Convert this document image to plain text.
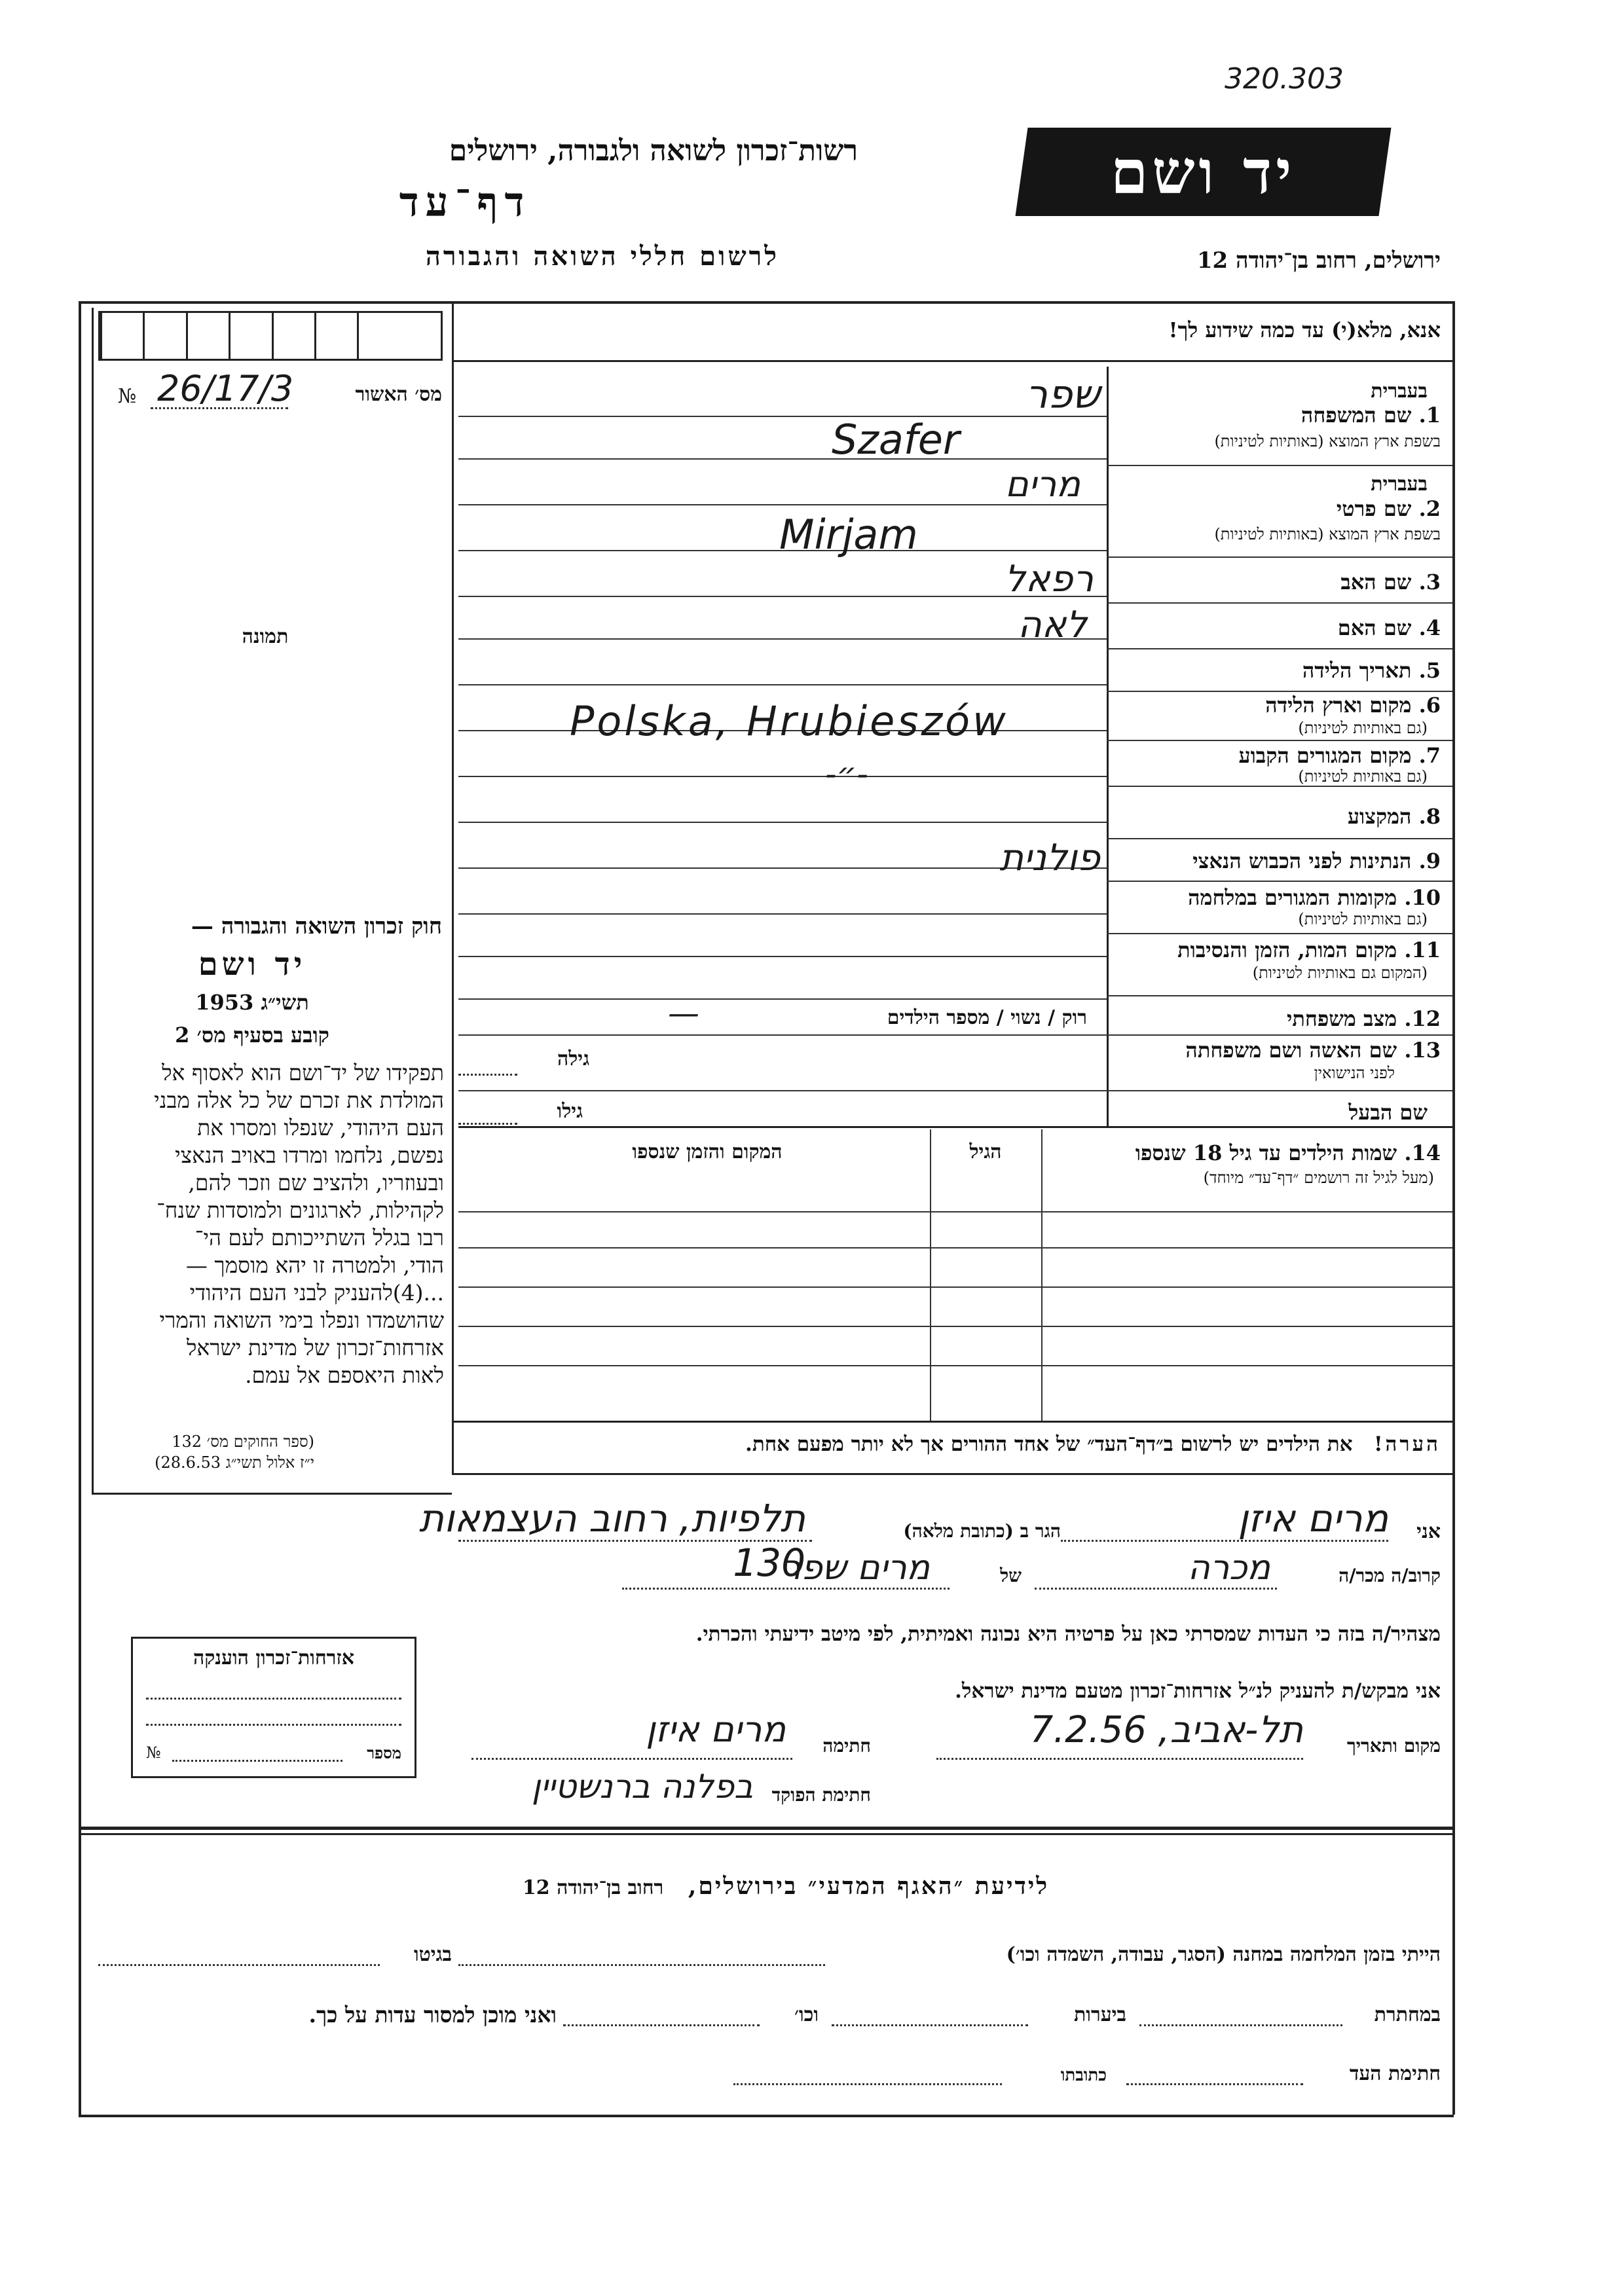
320.303
רשות־זכרון לשואה ולגבורה, ירושלים
דף־עד
לרשום חללי השואה והגבורה
יד ושם
ירושלים, רחוב בן־יהודה 12
№ 26/17/3	מס׳ האשור
תמונה
חוק זכרון השואה והגבורה —
יד ושם
תשי״ג 1953
קובע בסעיף מס׳ 2
תפקידו של יד־ושם הוא לאסוף אל
המולדת את זכרם של כל אלה מבני
העם היהודי, שנפלו ומסרו את
נפשם, נלחמו ומרדו באויב הנאצי
ובעוזריו, ולהציב שם וזכר להם,
לקהילות, לארגונים ולמוסדות שנח־
רבו בגלל השתייכותם לעם הי־
הודי, ולמטרה זו יהא מוסמך —
...(4)להעניק לבני העם היהודי
שהושמדו ונפלו בימי השואה והמרי
אזרחות־זכרון של מדינת ישראל
לאות היאספם אל עמם.
(ספר החוקים מס׳ 132
י״ז אלול תשי״ג 28.6.53)
אנא, מלא(י) עד כמה שידוע לך!
בעברית
1. שם המשפחה
בשפת ארץ המוצא (באותיות לטיניות)
שפר
Szafer
בעברית
2. שם פרטי
בשפת ארץ המוצא (באותיות לטיניות)
מרים
Mirjam
3. שם האב
רפאל
4. שם האם
לאה
5. תאריך הלידה
6. מקום וארץ הלידה
(גם באותיות לטיניות)
Polska, Hrubieszów
7. מקום המגורים הקבוע
(גם באותיות לטיניות)
-״-
8. המקצוע
9. הנתינות לפני הכבוש הנאצי
פולנית
10. מקומות המגורים במלחמה
(גם באותיות לטיניות)
11. מקום המות, הזמן והנסיבות
(המקום גם באותיות לטיניות)
12. מצב משפחתי
רוק / נשוי / מספר הילדים
—
13. שם האשה ושם משפחתה
לפני הנישואין
גילה
שם הבעל
גילו
14. שמות הילדים עד גיל 18 שנספו
(מעל לגיל זה רושמים ״דף־עד״ מיוחד)
הגיל
המקום והזמן שנספו
הערה!   את הילדים יש לרשום ב״דף־העד״ של אחד ההורים אך לא יותר מפעם אחת.
אני
מרים איזן
הגר ב (כתובת מלאה)
תלפיות, רחוב העצמאות 130	קרוב/ה מכר/ה
מכרה
של
מרים שפר
מצהיר/ה בזה כי העדות שמסרתי כאן על פרטיה היא נכונה ואמיתית, לפי מיטב ידיעתי והכרתי.
אני מבקש/ת להעניק לנ״ל אזרחות־זכרון מטעם מדינת ישראל.
מקום ותאריך
תל-אביב, 7.2.56
חתימה
מרים איזן
חתימת הפוקד
בפלנה ברנשטיין
אזרחות־זכרון הוענקה
מספר
№
לידיעת ״האגף המדעי״ בירושלים,   רחוב בן־יהודה 12
הייתי בזמן המלחמה במחנה (הסגר, עבודה, השמדה וכו׳)
בגיטו
במחתרת
ביערות
וכו׳
ואני מוכן למסור עדות על כך.
חתימת העד
כתובתו
